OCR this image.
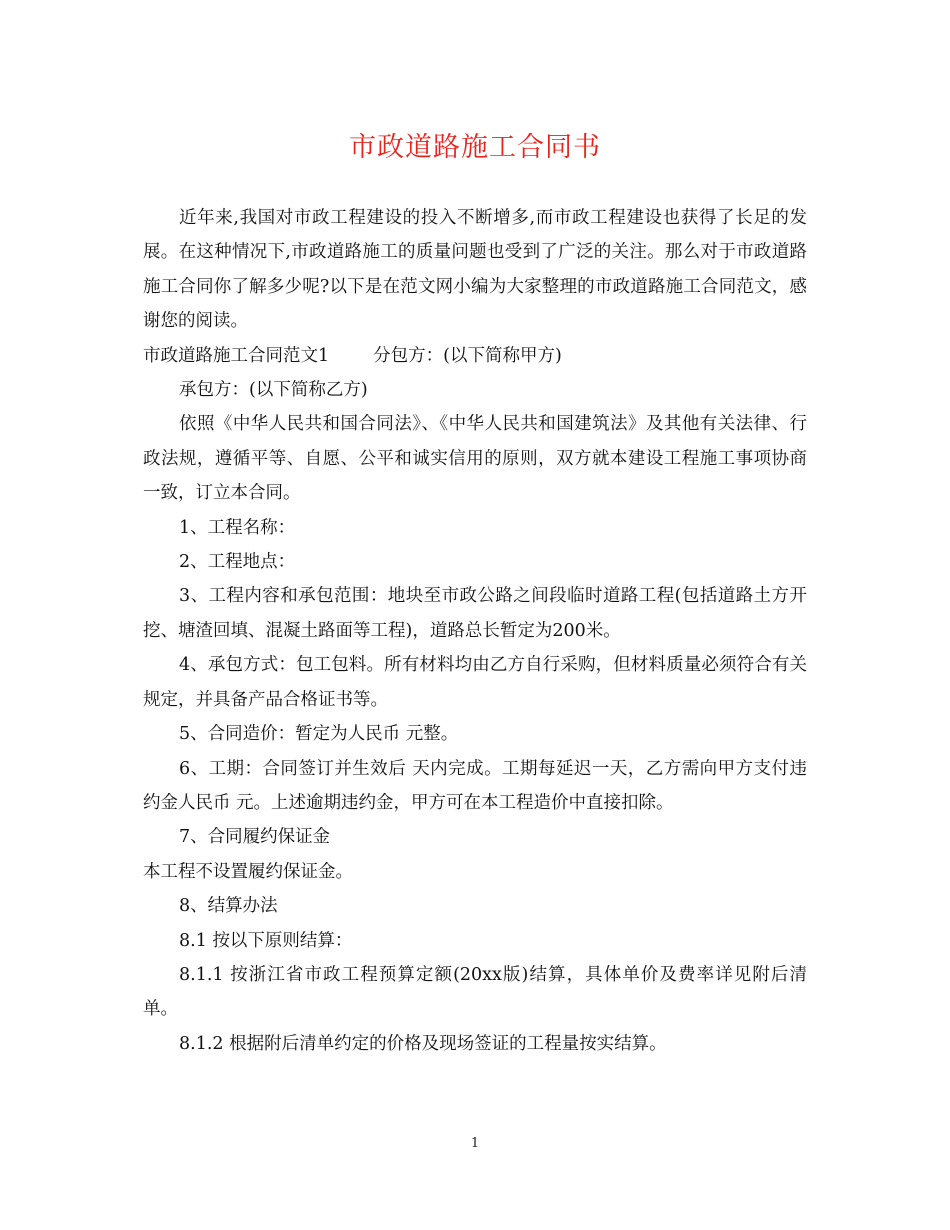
市政道路施工合同书

近年来,我国对市政工程建设的投入不断增多,而市政工程建设也获得了长足的发展。在这种情况下,市政道路施工的质量问题也受到了广泛的关注。那么对于市政道路施工合同你了解多少呢?以下是在范文网小编为大家整理的市政道路施工合同范文，感谢您的阅读。

市政道路施工合同范文1	分包方：(以下简称甲方)

承包方：(以下简称乙方)

依照《中华人民共和国合同法》、《中华人民共和国建筑法》及其他有关法律、行政法规，遵循平等、自愿、公平和诚实信用的原则，双方就本建设工程施工事项协商一致，订立本合同。

1、工程名称：

2、工程地点：

3、工程内容和承包范围：地块至市政公路之间段临时道路工程(包括道路土方开挖、塘渣回填、混凝土路面等工程)，道路总长暂定为200米。

4、承包方式：包工包料。所有材料均由乙方自行采购，但材料质量必须符合有关规定，并具备产品合格证书等。

5、合同造价：暂定为人民币 元整。

6、工期：合同签订并生效后 天内完成。工期每延迟一天，乙方需向甲方支付违约金人民币 元。上述逾期违约金，甲方可在本工程造价中直接扣除。

7、合同履约保证金

本工程不设置履约保证金。

8、结算办法

8.1 按以下原则结算：

8.1.1 按浙江省市政工程预算定额(20xx版)结算，具体单价及费率详见附后清单。

8.1.2 根据附后清单约定的价格及现场签证的工程量按实结算。

1
